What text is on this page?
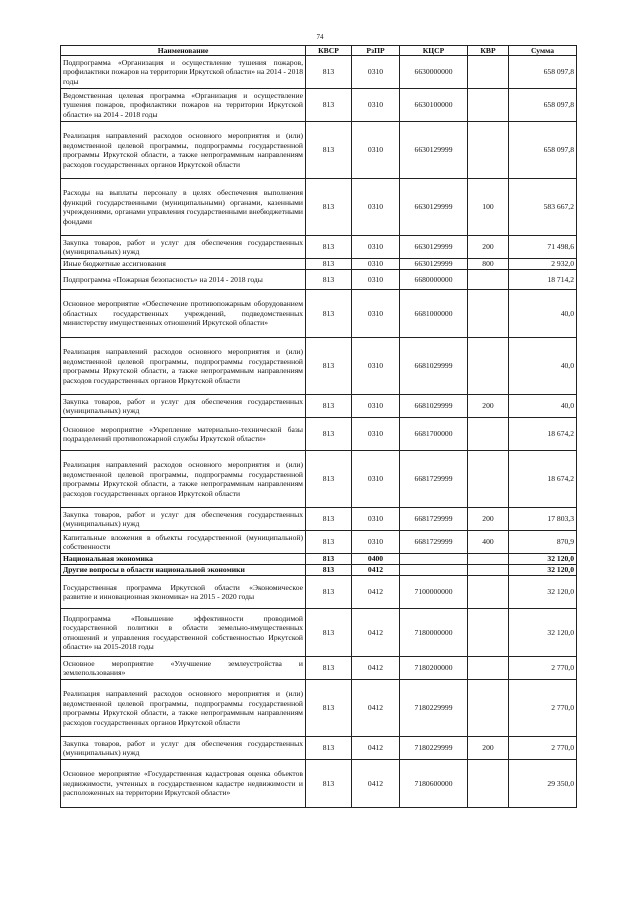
74
Наименование	КВСР	РзПР	КЦСР	КВР	Сумма
Подпрограмма «Организация и осуществление тушения пожаров, профилактики пожаров на территории Иркутской области» на 2014 - 2018 годы	813	0310	6630000000		658 097,8
Ведомственная целевая программа «Организация и осуществление тушения пожаров, профилактики пожаров на территории Иркутской области» на 2014 - 2018 годы	813	0310	6630100000		658 097,8
Реализация направлений расходов основного мероприятия и (или) ведомственной целевой программы, подпрограммы государственной программы Иркутской области, а также непрограммным направлениям расходов государственных органов Иркутской области	813	0310	6630129999		658 097,8
Расходы на выплаты персоналу в целях обеспечения выполнения функций государственными (муниципальными) органами, казенными учреждениями, органами управления государственными внебюджетными фондами	813	0310	6630129999	100	583 667,2
Закупка товаров, работ и услуг для обеспечения государственных (муниципальных) нужд	813	0310	6630129999	200	71 498,6
Иные бюджетные ассигнования	813	0310	6630129999	800	2 932,0
Подпрограмма «Пожарная безопасность» на 2014 - 2018 годы	813	0310	6680000000		18 714,2
Основное мероприятие «Обеспечение противопожарным оборудованием областных государственных учреждений, подведомственных министерству имущественных отношений Иркутской области»	813	0310	6681000000		40,0
Реализация направлений расходов основного мероприятия и (или) ведомственной целевой программы, подпрограммы государственной программы Иркутской области, а также непрограммным направлениям расходов государственных органов Иркутской области	813	0310	6681029999		40,0
Закупка товаров, работ и услуг для обеспечения государственных (муниципальных) нужд	813	0310	6681029999	200	40,0
Основное мероприятие «Укрепление материально-технической базы подразделений противопожарной службы Иркутской области»	813	0310	6681700000		18 674,2
Реализация направлений расходов основного мероприятия и (или) ведомственной целевой программы, подпрограммы государственной программы Иркутской области, а также непрограммным направлениям расходов государственных органов Иркутской области	813	0310	6681729999		18 674,2
Закупка товаров, работ и услуг для обеспечения государственных (муниципальных) нужд	813	0310	6681729999	200	17 803,3
Капитальные вложения в объекты государственной (муниципальной) собственности	813	0310	6681729999	400	870,9
Национальная экономика	813	0400			32 120,0
Другие вопросы в области национальной экономики	813	0412			32 120,0
Государственная программа Иркутской области «Экономическое развитие и инновационная экономика» на 2015 - 2020 годы	813	0412	7100000000		32 120,0
Подпрограмма «Повышение эффективности проводимой государственной политики в области земельно-имущественных отношений и управления государственной собственностью Иркутской области» на 2015-2018 годы	813	0412	7180000000		32 120,0
Основное мероприятие «Улучшение землеустройства и землепользования»	813	0412	7180200000		2 770,0
Реализация направлений расходов основного мероприятия и (или) ведомственной целевой программы, подпрограммы государственной программы Иркутской области, а также непрограммным направлениям расходов государственных органов Иркутской области	813	0412	7180229999		2 770,0
Закупка товаров, работ и услуг для обеспечения государственных (муниципальных) нужд	813	0412	7180229999	200	2 770,0
Основное мероприятие «Государственная кадастровая оценка объектов недвижимости, учтенных в государственном кадастре недвижимости и расположенных на территории Иркутской области»	813	0412	7180600000		29 350,0
